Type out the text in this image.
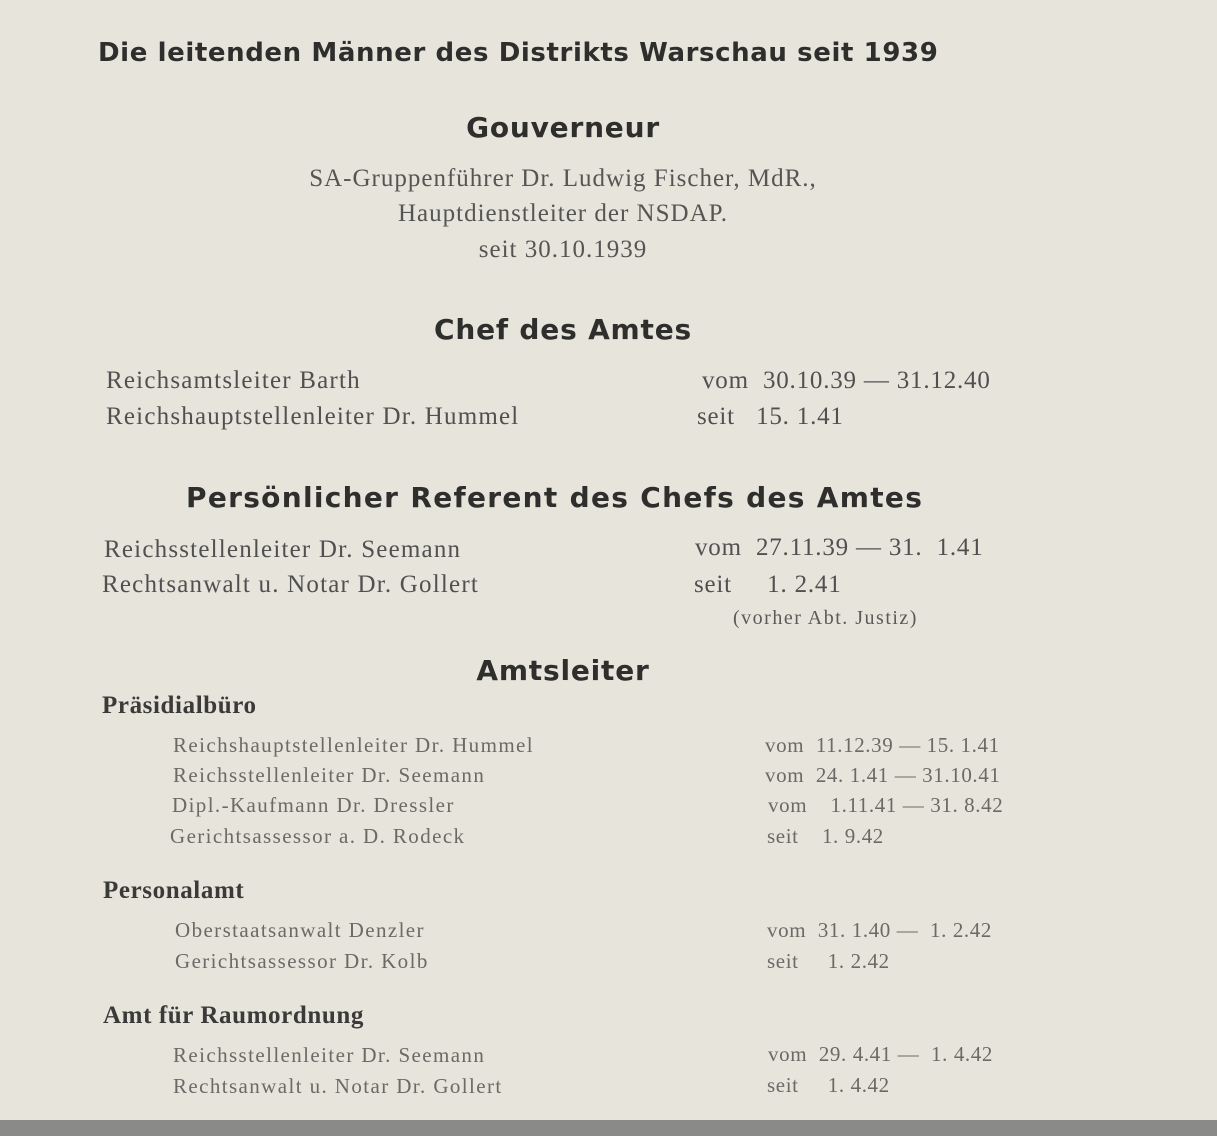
Die leitenden Männer des Distrikts Warschau seit 1939
Gouverneur
SA-Gruppenführer Dr. Ludwig Fischer, MdR.,
Hauptdienstleiter der NSDAP.
seit 30.10.1939
Chef des Amtes
Reichsamtsleiter Barth	vom  30.10.39 — 31.12.40
Reichshauptstellenleiter Dr. Hummel	seit   15. 1.41
Persönlicher Referent des Chefs des Amtes
Reichsstellenleiter Dr. Seemann	vom  27.11.39 — 31.  1.41
Rechtsanwalt u. Notar Dr. Gollert	seit     1. 2.41
(vorher Abt. Justiz)
Amtsleiter
Präsidialbüro
Reichshauptstellenleiter Dr. Hummel	vom  11.12.39 — 15. 1.41
Reichsstellenleiter Dr. Seemann	vom  24. 1.41 — 31.10.41
Dipl.-Kaufmann Dr. Dressler	vom    1.11.41 — 31. 8.42
Gerichtsassessor a. D. Rodeck	seit    1. 9.42
Personalamt
Oberstaatsanwalt Denzler	vom  31. 1.40 —  1. 2.42
Gerichtsassessor Dr. Kolb	seit     1. 2.42
Amt für Raumordnung
Reichsstellenleiter Dr. Seemann	vom  29. 4.41 —  1. 4.42
Rechtsanwalt u. Notar Dr. Gollert	seit     1. 4.42
